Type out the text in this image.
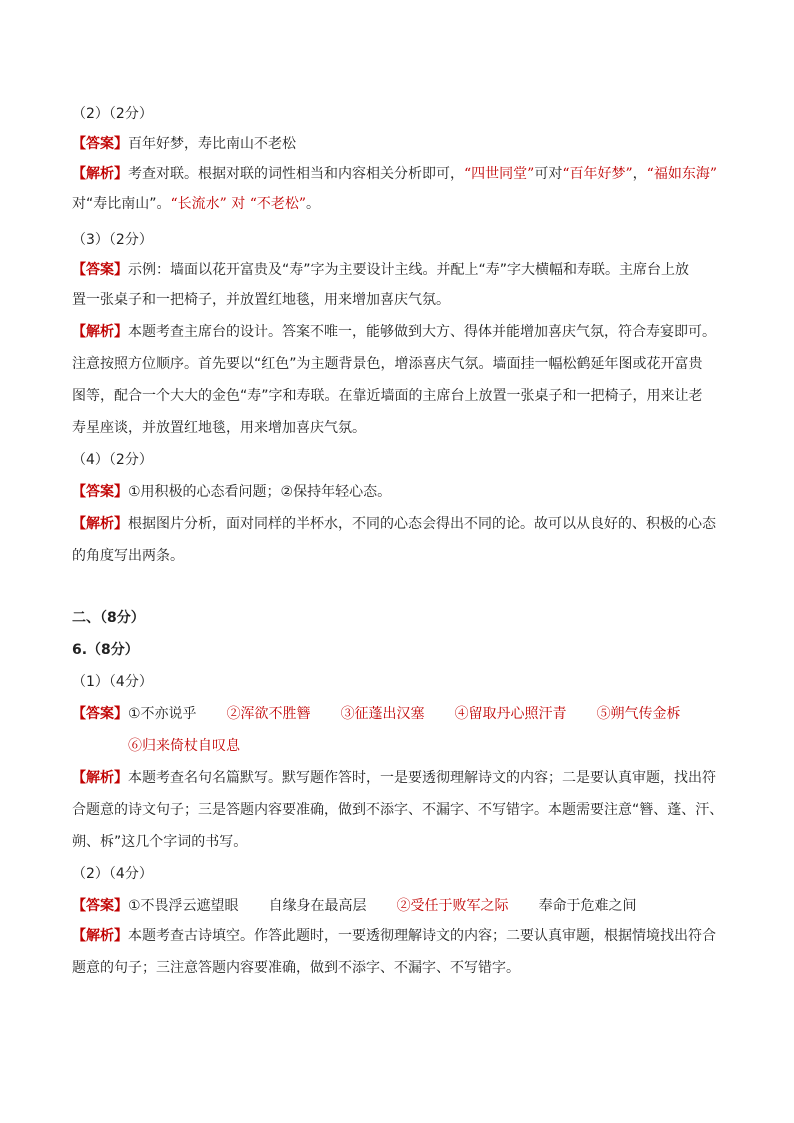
（2）（2分）
【答案】百年好梦，寿比南山不老松
【解析】考查对联。根据对联的词性相当和内容相关分析即可，“四世同堂”可对“百年好梦”，“福如东海”
对“寿比南山”。“长流水” 对 “不老松”。
（3）（2分）
【答案】示例：墙面以花开富贵及“寿”字为主要设计主线。并配上“寿”字大横幅和寿联。主席台上放
置一张桌子和一把椅子，并放置红地毯，用来增加喜庆气氛。
【解析】本题考查主席台的设计。答案不唯一，能够做到大方、得体并能增加喜庆气氛，符合寿宴即可。
注意按照方位顺序。首先要以“红色”为主题背景色，增添喜庆气氛。墙面挂一幅松鹤延年图或花开富贵
图等，配合一个大大的金色“寿”字和寿联。在靠近墙面的主席台上放置一张桌子和一把椅子，用来让老
寿星座谈，并放置红地毯，用来增加喜庆气氛。
（4）（2分）
【答案】①用积极的心态看问题；②保持年轻心态。
【解析】根据图片分析，面对同样的半杯水，不同的心态会得出不同的论。故可以从良好的、积极的心态
的角度写出两条。
二、（8分）
6.（8分）
（1）（4分）
【答案】①不亦说乎 ②浑欲不胜簪 ③征蓬出汉塞 ④留取丹心照汗青 ⑤朔气传金柝
⑥归来倚杖自叹息
【解析】本题考查名句名篇默写。默写题作答时，一是要透彻理解诗文的内容；二是要认真审题，找出符
合题意的诗文句子；三是答题内容要准确，做到不添字、不漏字、不写错字。本题需要注意“簪、蓬、汗、
朔、柝”这几个字词的书写。
（2）（4分）
【答案】①不畏浮云遮望眼 自缘身在最高层 ②受任于败军之际 奉命于危难之间
【解析】本题考查古诗填空。作答此题时，一要透彻理解诗文的内容；二要认真审题，根据情境找出符合
题意的句子；三注意答题内容要准确，做到不添字、不漏字、不写错字。
